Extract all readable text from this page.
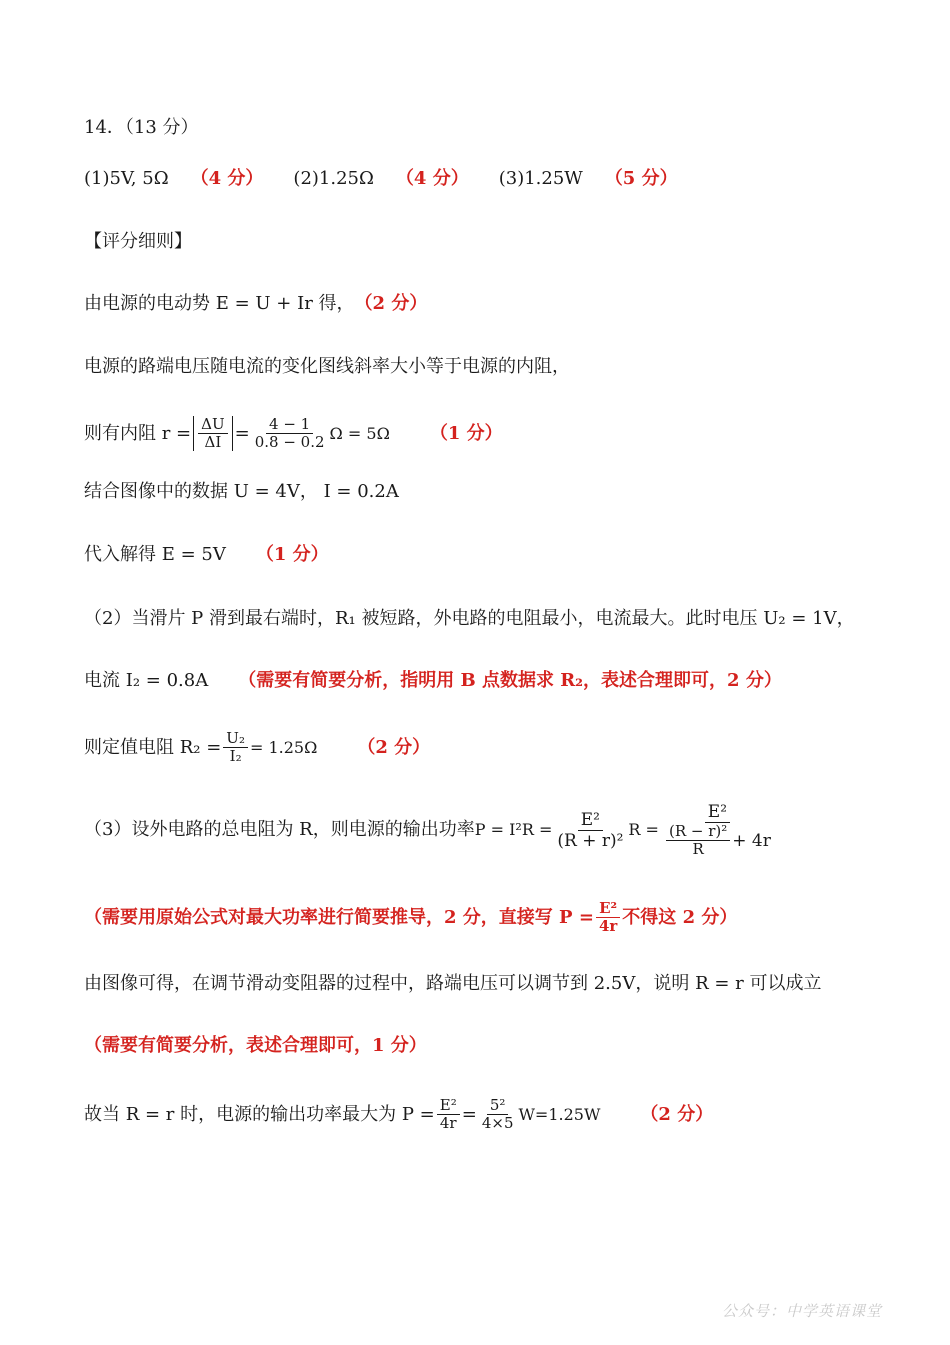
14．（13 分）
(1)5V, 5Ω （4 分） (2)1.25Ω （4 分） (3)1.25W （5 分）
【评分细则】
由电源的电动势 E = U + Ir 得， （2 分）
电源的路端电压随电流的变化图线斜率大小等于电源的内阻，
则有内阻 $r = \frac{\Delta U}{\Delta I} = \frac{4 - 1}{0.8 - 0.2}$ Ω = 5Ω （1 分）
结合图像中的数据 U = 4V， I = 0.2A
代入解得 E = 5V （1 分）
（2）当滑片 P 滑到最右端时，R₁ 被短路，外电路的电阻最小，电流最大。此时电压 U₂ = 1V，
电流 I₂ = 0.8A （需要有简要分析，指明用 B 点数据求 R₂，表述合理即可，2 分）
则定值电阻 $R_2 = \frac{\text{U₂}}{\text{I₂}} = 1.25\Omega$ （2 分）
（3）设外电路的总电阻为 R，则电源的输出功率 $P = I^2R = \frac{\text{E²}}{\text{(R + r)²}}$ $R = \frac{\text{E²}}{\frac{\text{(R − r)²}}{R} + 4r}$
（需要用原始公式对最大功率进行简要推导，2 分，直接写 $P = \frac{\text{E²}}{4r}$ 不得这 2 分）
由图像可得，在调节滑动变阻器的过程中，路端电压可以调节到 2.5V，说明 R = r 可以成立
（需要有简要分析，表述合理即可，1 分）
故当 R = r 时，电源的输出功率最大为 $P = \frac{\text{E²}}{4r} = \frac{\text{5²}}{4\times 5} W=1.25W$ （2 分）
公众号：中学英语课堂
